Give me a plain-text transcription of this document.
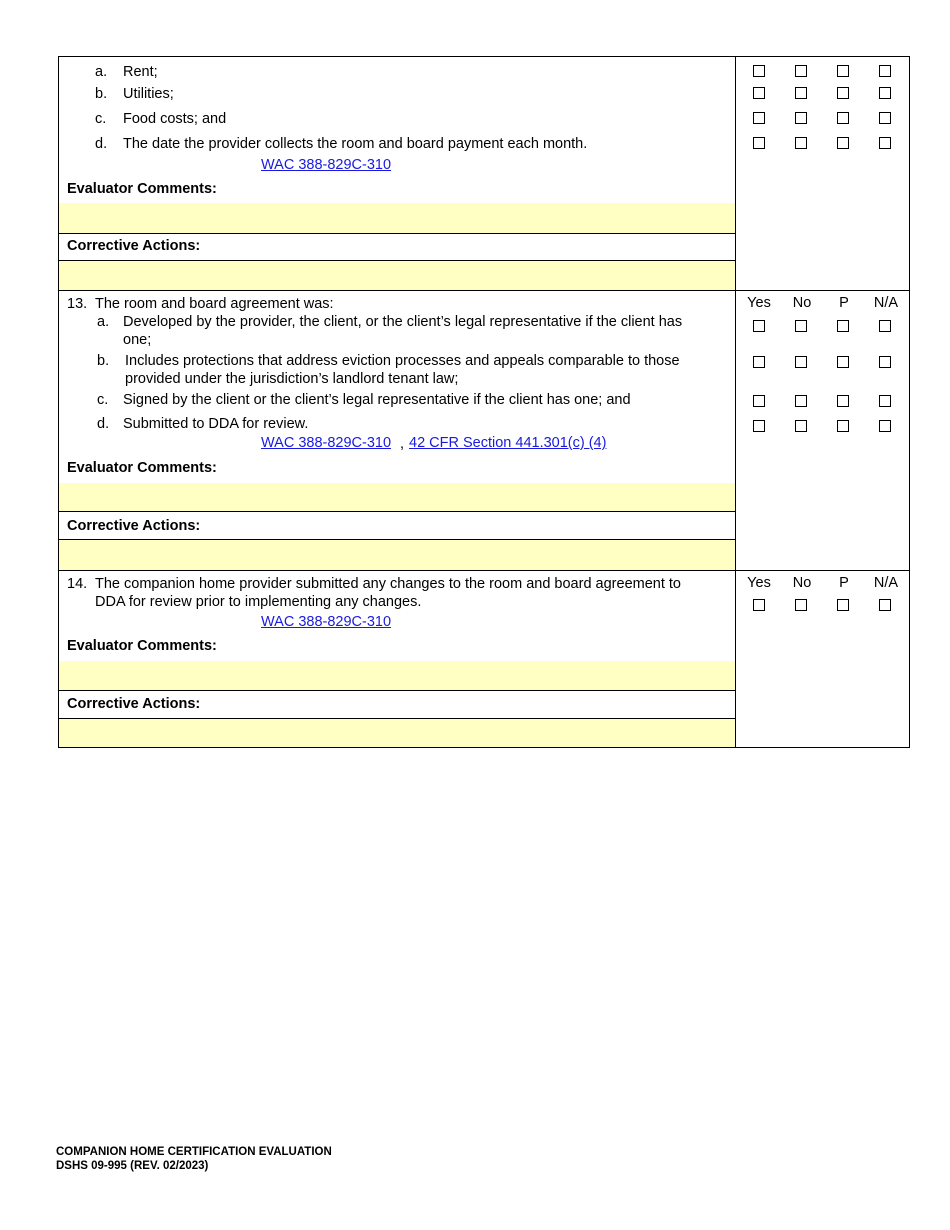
a. Rent;
b. Utilities;
c. Food costs; and
d. The date the provider collects the room and board payment each month.
WAC 388-829C-310
Evaluator Comments:
Corrective Actions:
Yes	No	P	N/A
13. The room and board agreement was:
a. Developed by the provider, the client, or the client’s legal representative if the client has
one;
b. Includes protections that address eviction processes and appeals comparable to those
provided under the jurisdiction’s landlord tenant law;
c. Signed by the client or the client’s legal representative if the client has one; and
d. Submitted to DDA for review.
WAC 388-829C-310 , 42 CFR Section 441.301(c) (4)
Evaluator Comments:
Corrective Actions:
Yes	No	P	N/A
14. The companion home provider submitted any changes to the room and board agreement to
DDA for review prior to implementing any changes.
WAC 388-829C-310
Evaluator Comments:
Corrective Actions:
COMPANION HOME CERTIFICATION EVALUATION
DSHS 09-995 (REV. 02/2023)
